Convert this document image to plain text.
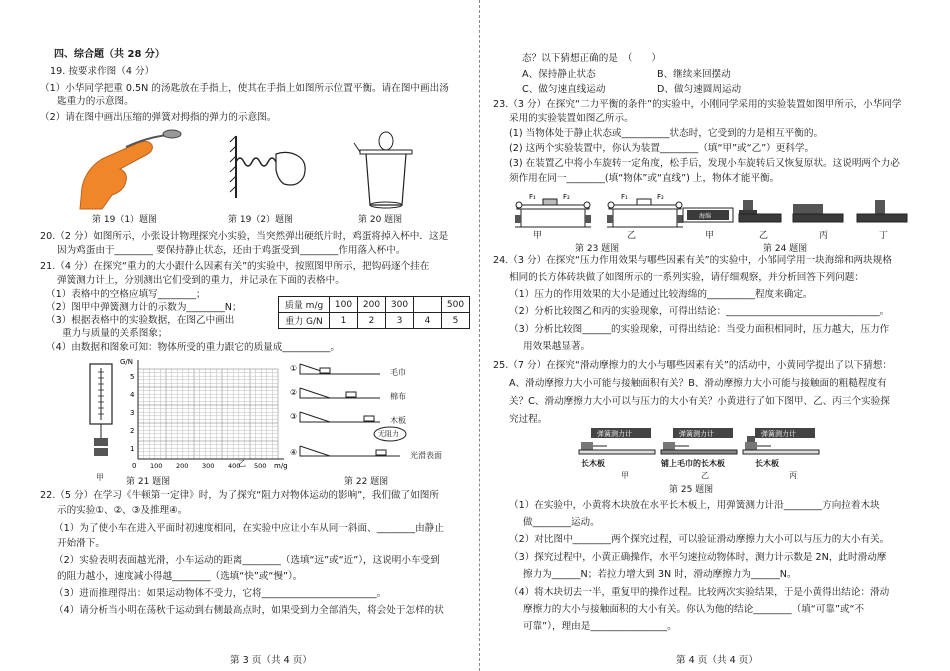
四、综合题（共 28 分）
19. 按要求作图（4 分）
（1）小华同学把重 0.5N 的汤匙放在手指上，使其在手指上如图所示位置平衡。请在图中画出汤
匙重力的示意图。
（2）请在图中画出压缩的弹簧对拇指的弹力的示意图。
第 19（1）题图	第 19（2）题图	第 20 题图
20.（2 分）如图所示，小张设计物理探究小实验，当突然弹出硬纸片时，鸡蛋将掉入杯中．这是
因为鸡蛋由于________ 要保持静止状态，还由于鸡蛋受到________作用落入杯中。
21.（4 分）在探究“重力的大小跟什么因素有关”的实验中，按照图甲所示，把钩码逐个挂在
弹簧测力计上，分别测出它们受到的重力，并记录在下面的表格中。
（1）表格中的空格应填写________；
（2）图甲中弹簧测力计的示数为________N；
（3）根据表格中的实验数据，在图乙中画出
重力与质量的关系图象；
（4）由数据和图象可知：物体所受的重力跟它的质量成__________。
质量 m/g	100	200	300		500
重力 G/N	1	2	3	4	5
甲
G/N
m/g
0
5
4
3
2
1
100 200 300 400 500
乙
①
②
③
④
毛巾
棉布
木板
无阻力
光滑表面
第 21 题图	第 22 题图
22.（5 分）在学习《牛顿第一定律》时，为了探究“阻力对物体运动的影响”，我们做了如图所
示的实验①、②、③及推理④。
（1）为了使小车在进入平面时初速度相同，在实验中应让小车从同一斜面、________由静止
开始滑下。
（2）实验表明表面越光滑，小车运动的距离________（选填“远”或“近”），这说明小车受到
的阻力越小，速度减小得越________（选填“快”或“慢”）。
（3）进而推理得出：如果运动物体不受力，它将________________________。
（4）请分析当小明在荡秋千运动到右侧最高点时，如果受到力全部消失，将会处于怎样的状
第 3 页（共 4 页）
态？以下猜想正确的是　（　　）
A、保持静止状态	B、继续来回摆动
C、做匀速直线运动	D、做匀速圆周运动
23.（3 分）在探究“二力平衡的条件”的实验中，小刚同学采用的实验装置如图甲所示，小华同学
采用的实验装置如图乙所示。
(1) 当物体处于静止状态或__________状态时，它受到的力是相互平衡的。
(2) 这两个实验装置中，你认为装置________（填“甲”或“乙”）更科学。
(3) 在装置乙中将小车旋转一定角度，松手后，发现小车旋转后又恢复原状。这说明两个力必
须作用在同一________(填“物体”或“直线”) 上，物体才能平衡。
F₁	F₂	F₁	F₂
甲	乙
海绵
甲	乙	丙	丁
第 23 题图	第 24 题图
24.（3 分）在探究“压力作用效果与哪些因素有关”的实验中，小邹同学用一块海绵和两块规格
相同的长方体砖块做了如图所示的一系列实验，请仔细观察，并分析回答下列问题：
（1）压力的作用效果的大小是通过比较海绵的__________程度来确定。
（2）分析比较图乙和丙的实验现象，可得出结论：________________________________。
（3）分析比较图______的实验现象，可得出结论：当受力面积相同时，压力越大，压力作
用效果越显著。
25.（7 分）在探究“滑动摩擦力的大小与哪些因素有关”的活动中，小黄同学提出了以下猜想：
A、滑动摩擦力大小可能与接触面积有关？B、滑动摩擦力大小可能与接触面的粗糙程度有
关？C、滑动摩擦力大小可以与压力的大小有关？小黄进行了如下图甲、乙、丙三个实验探
究过程。
弹簧测力计	弹簧测力计	弹簧测力计
长木板	铺上毛巾的长木板	长木板
甲	乙	丙
第 25 题图
（1）在实验中，小黄将木块放在水平长木板上，用弹簧测力计沿________方向拉着木块
做________运动。
（2）对比图中________两个探究过程，可以验证滑动摩擦力大小可以与压力的大小有关。
（3）探究过程中，小黄正确操作，水平匀速拉动物体时，测力计示数是 2N，此时滑动摩
擦力为______N；若拉力增大到 3N 时，滑动摩擦力为______N。
（4）将木块切去一半，重复甲的操作过程。比较两次实验结果，于是小黄得出结论：滑动
摩擦力的大小与接触面积的大小有关。你认为他的结论________（填“可靠”或“不
可靠”），理由是________________。
第 4 页（共 4 页）
